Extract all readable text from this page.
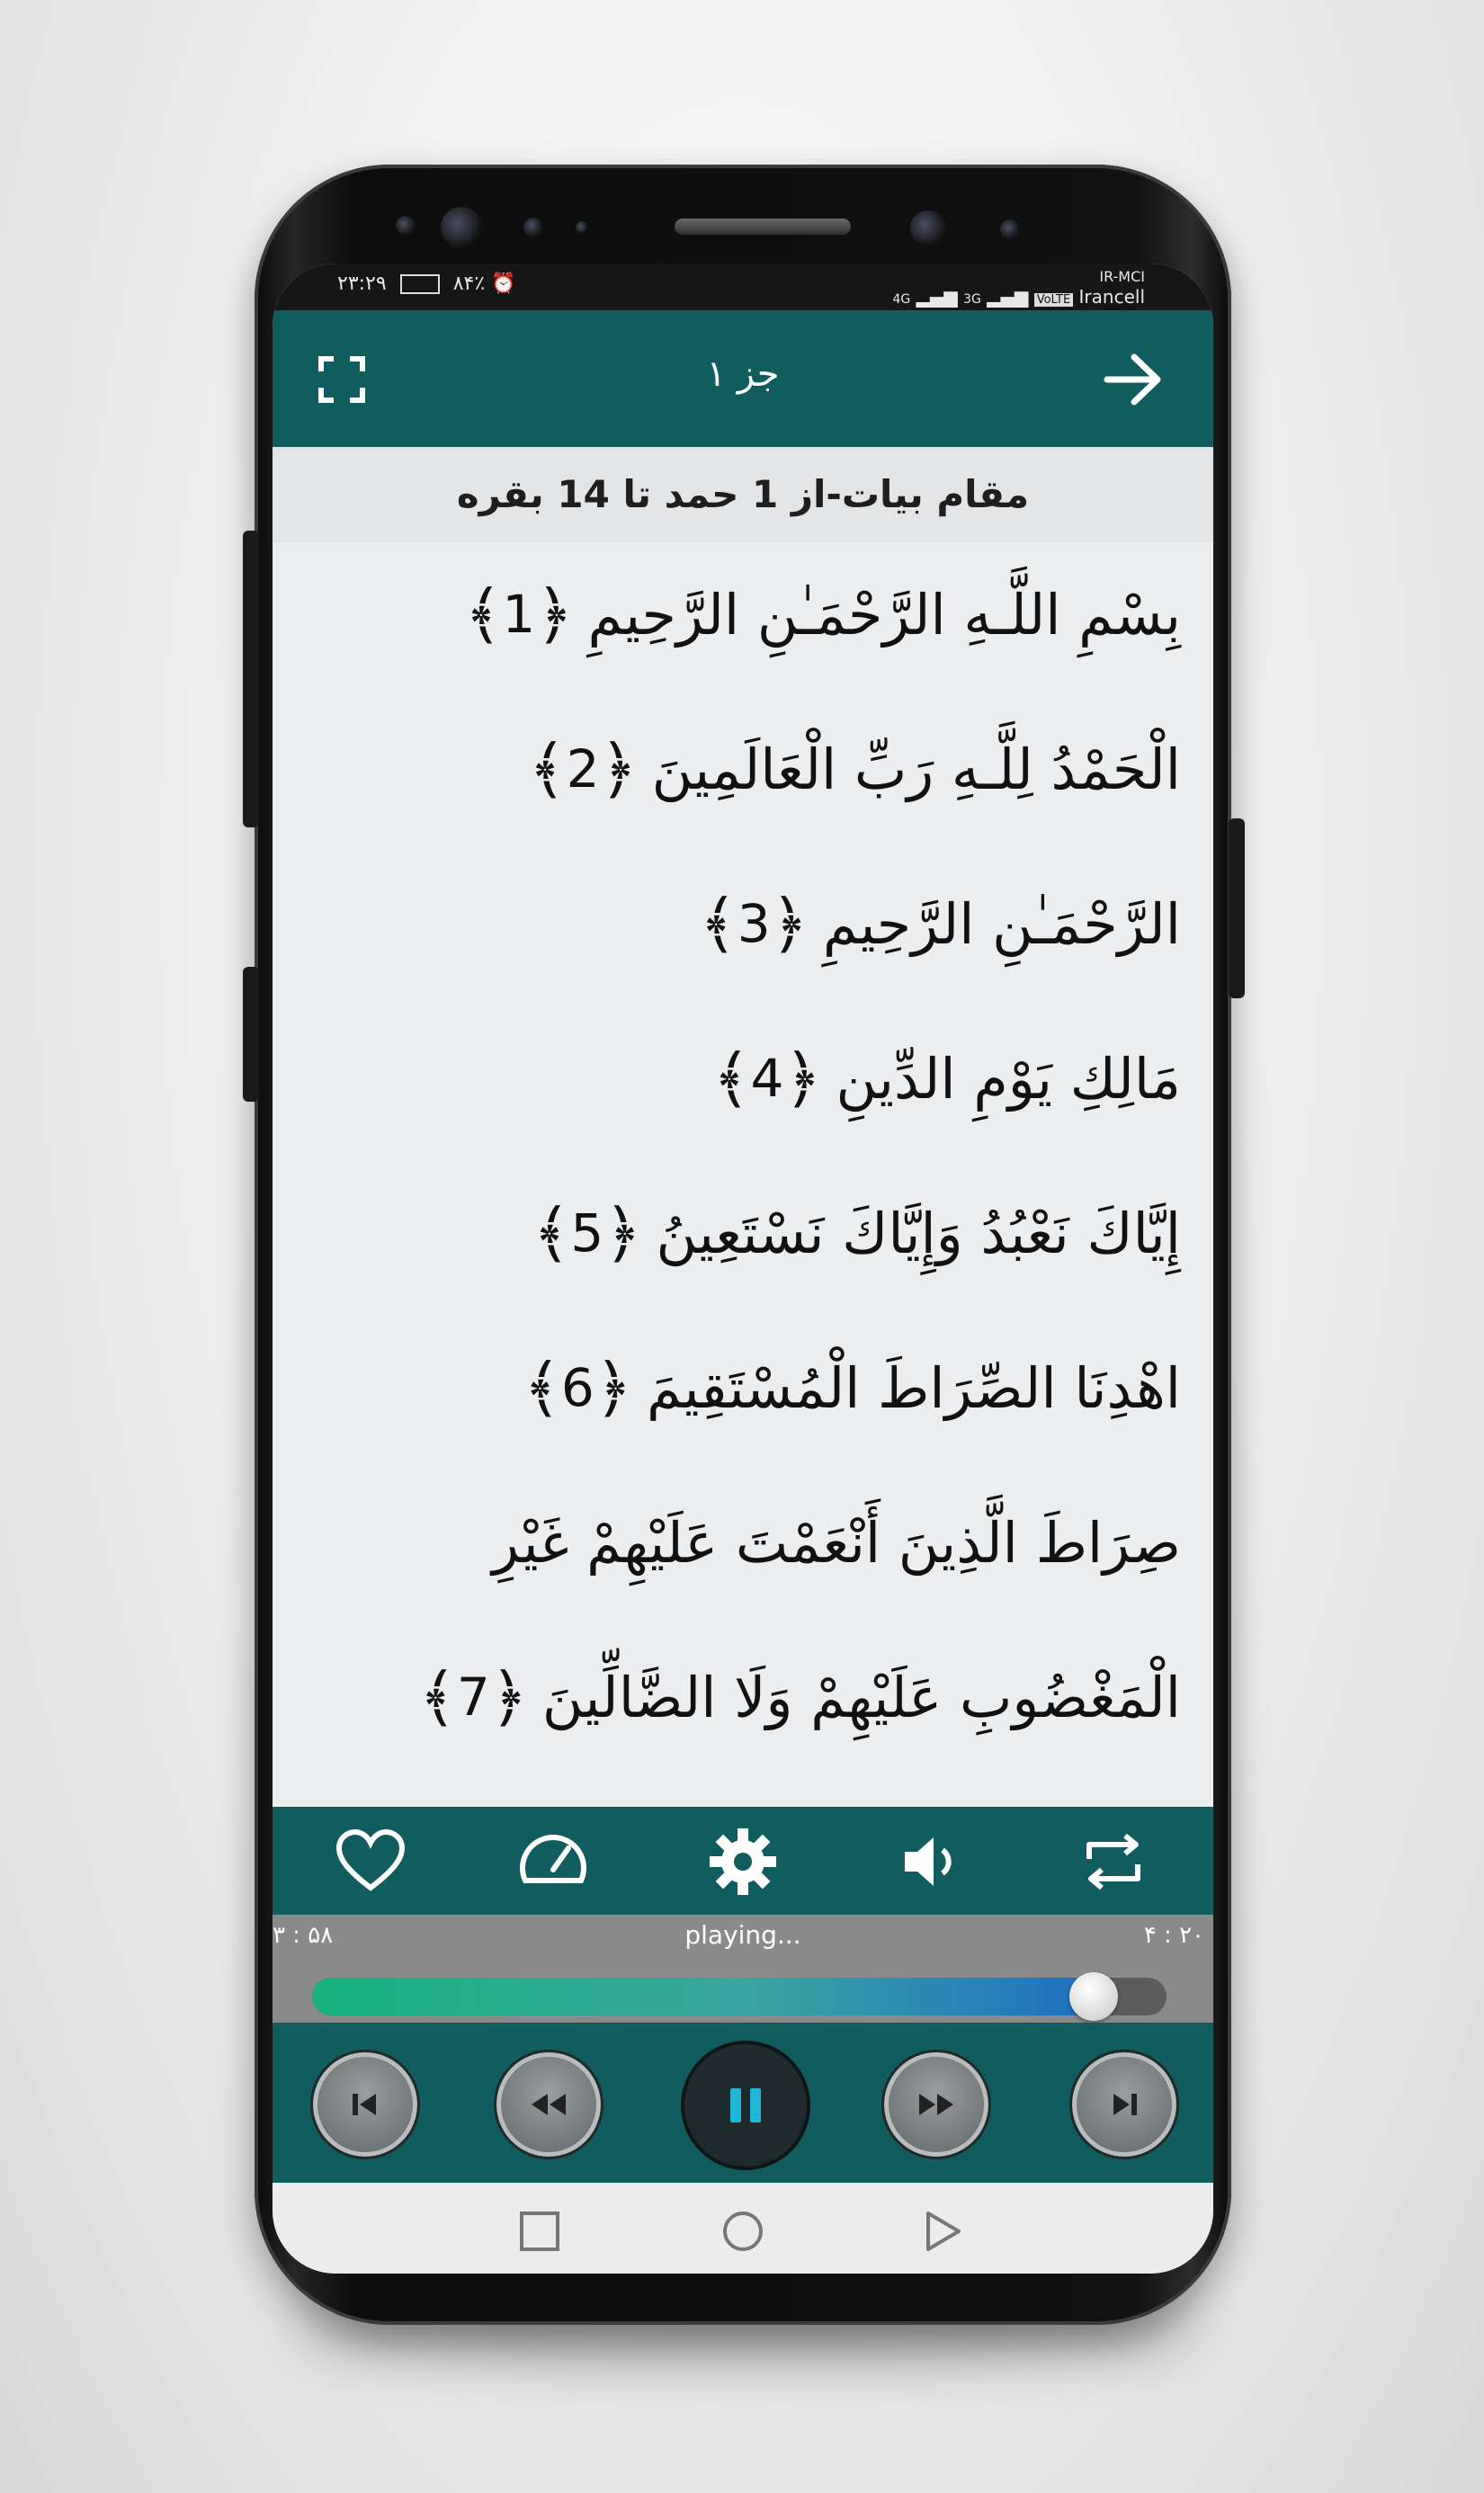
۲۳:۲۹	۸۴٪ ⏰	IR-MCI
4G ▂▄▆ 3G ▂▄▆ VoLTE Irancell
جز ۱
مقام بیات-از 1 حمد تا 14 بقره
بِسْمِ اللَّـهِ الرَّحْمَـٰنِ الرَّحِيمِ
﴾ 1 ﴿
الْحَمْدُ لِلَّـهِ رَبِّ الْعَالَمِينَ
﴾ 2 ﴿
الرَّحْمَـٰنِ الرَّحِيمِ
﴾ 3 ﴿
مَالِكِ يَوْمِ الدِّينِ
﴾ 4 ﴿
إِيَّاكَ نَعْبُدُ وَإِيَّاكَ نَسْتَعِينُ
﴾ 5 ﴿
اهْدِنَا الصِّرَاطَ الْمُسْتَقِيمَ
﴾ 6 ﴿
صِرَاطَ الَّذِينَ أَنْعَمْتَ عَلَيْهِمْ غَيْرِ
الْمَغْضُوبِ عَلَيْهِمْ وَلَا الضَّالِّينَ
﴾ 7 ﴿
۳ : ۵۸	playing...	۴ : ۲۰
